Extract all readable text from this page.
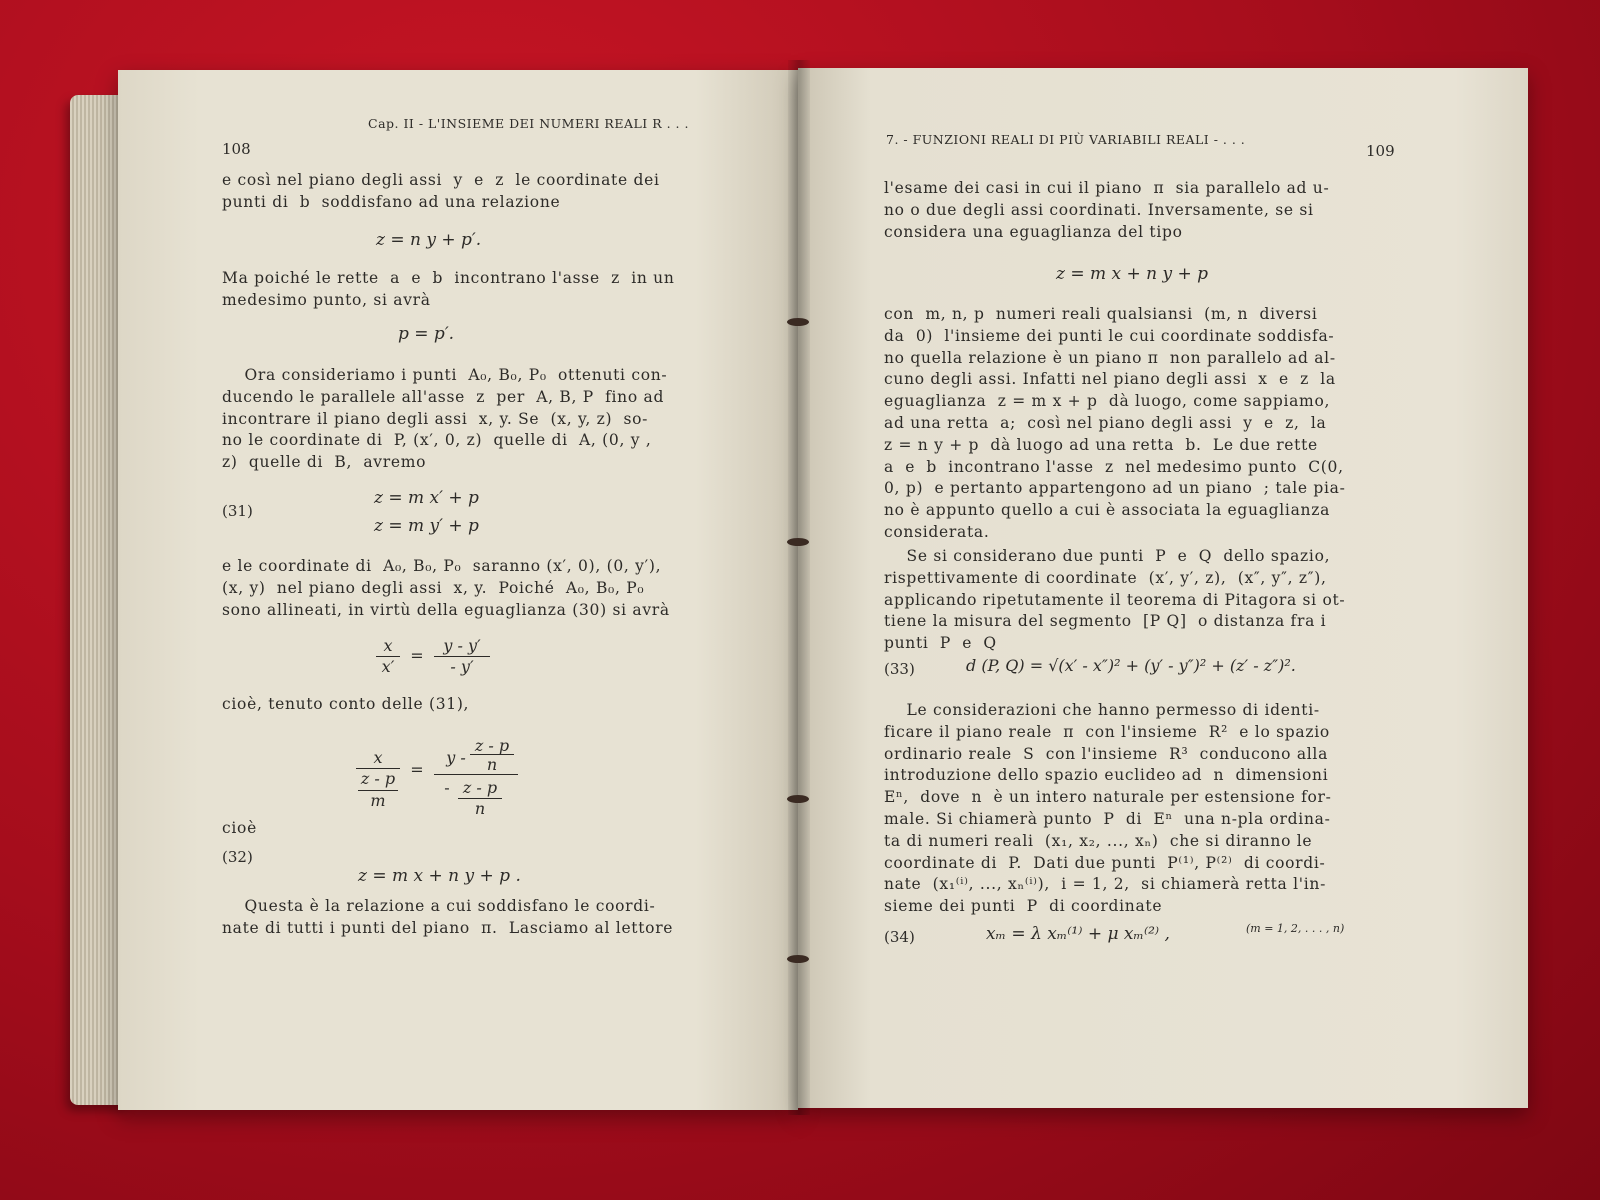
108
Cap. II - L'INSIEME DEI NUMERI REALI R . . .
e così nel piano degli assi  y  e  z  le coordinate dei
punti di  b  soddisfano ad una relazione
z = n y + p′.
Ma poiché le rette  a  e  b  incontrano l'asse  z  in un
medesimo punto, si avrà
p = p′.
Ora consideriamo i punti  A₀, B₀, P₀  ottenuti con-
ducendo le parallele all'asse  z  per  A, B, P  fino ad
incontrare il piano degli assi  x, y. Se  (x, y, z)  so-
no le coordinate di  P, (x′, 0, z)  quelle di  A, (0, y ,
z)  quelle di  B,  avremo
(31)
z = m x′ + p
z = m y′ + p
e le coordinate di  A₀, B₀, P₀  saranno (x′, 0), (0, y′),
(x, y)  nel piano degli assi  x, y.  Poiché  A₀, B₀, P₀
sono allineati, in virtù della eguaglianza (30) si avrà
x
x′
=
y - y′
- y′
cioè, tenuto conto delle (31),
x
z - p
m
=
y -
z - p
n
- z - p
n
cioè
(32)
z = m x + n y + p .
Questa è la relazione a cui soddisfano le coordi-
nate di tutti i punti del piano  π.  Lasciamo al lettore
7. - FUNZIONI REALI DI PIÙ VARIABILI REALI - . . .
109
l'esame dei casi in cui il piano  π  sia parallelo ad u-
no o due degli assi coordinati. Inversamente, se si
considera una eguaglianza del tipo
z = m x + n y + p
con  m, n, p  numeri reali qualsiansi  (m, n  diversi
da  0)  l'insieme dei punti le cui coordinate soddisfa-
no quella relazione è un piano π  non parallelo ad al-
cuno degli assi. Infatti nel piano degli assi  x  e  z  la
eguaglianza  z = m x + p  dà luogo, come sappiamo,
ad una retta  a;  così nel piano degli assi  y  e  z,  la
z = n y + p  dà luogo ad una retta  b.  Le due rette
a  e  b  incontrano l'asse  z  nel medesimo punto  C(0,
0, p)  e pertanto appartengono ad un piano  ; tale pia-
no è appunto quello a cui è associata la eguaglianza
considerata.
Se si considerano due punti  P  e  Q  dello spazio,
rispettivamente di coordinate  (x′, y′, z),  (x″, y″, z″),
applicando ripetutamente il teorema di Pitagora si ot-
tiene la misura del segmento  [P Q]  o distanza fra i
punti  P  e  Q
(33)	d (P, Q) = √(x′ - x″)² + (y′ - y″)² + (z′ - z″)².
Le considerazioni che hanno permesso di identi-
ficare il piano reale  π  con l'insieme  R²  e lo spazio
ordinario reale  S  con l'insieme  R³  conducono alla
introduzione dello spazio euclideo ad  n  dimensioni
Eⁿ,  dove  n  è un intero naturale per estensione for-
male. Si chiamerà punto  P  di  Eⁿ  una n-pla ordina-
ta di numeri reali  (x₁, x₂, ..., xₙ)  che si diranno le
coordinate di  P.  Dati due punti  P⁽¹⁾, P⁽²⁾  di coordi-
nate  (x₁⁽ⁱ⁾, ..., xₙ⁽ⁱ⁾),  i = 1, 2,  si chiamerà retta l'in-
sieme dei punti  P  di coordinate
(34)	xₘ = λ xₘ⁽¹⁾ + μ xₘ⁽²⁾ ,	(m = 1, 2, . . . , n)
